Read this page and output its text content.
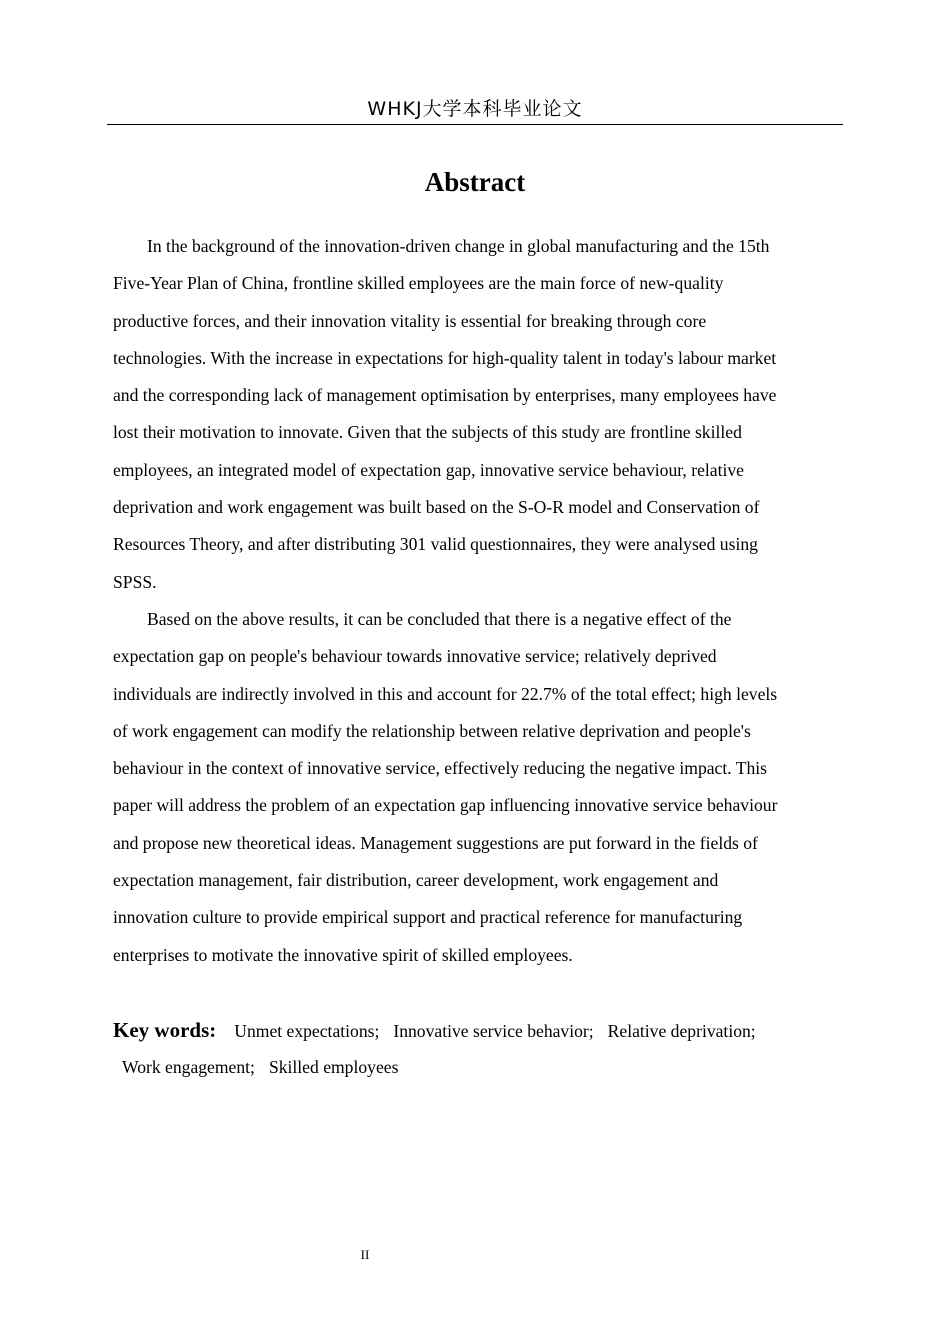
WHKJ大学本科毕业论文
Abstract

In the background of the innovation-driven change in global manufacturing and the 15th
Five-Year Plan of China, frontline skilled employees are the main force of new-quality
productive forces, and their innovation vitality is essential for breaking through core
technologies. With the increase in expectations for high-quality talent in today's labour market
and the corresponding lack of management optimisation by enterprises, many employees have
lost their motivation to innovate. Given that the subjects of this study are frontline skilled
employees, an integrated model of expectation gap, innovative service behaviour, relative
deprivation and work engagement was built based on the S-O-R model and Conservation of
Resources Theory, and after distributing 301 valid questionnaires, they were analysed using
SPSS.

Based on the above results, it can be concluded that there is a negative effect of the
expectation gap on people's behaviour towards innovative service; relatively deprived
individuals are indirectly involved in this and account for 22.7% of the total effect; high levels
of work engagement can modify the relationship between relative deprivation and people's
behaviour in the context of innovative service, effectively reducing the negative impact. This
paper will address the problem of an expectation gap influencing innovative service behaviour
and propose new theoretical ideas. Management suggestions are put forward in the fields of
expectation management, fair distribution, career development, work engagement and
innovation culture to provide empirical support and practical reference for manufacturing
enterprises to motivate the innovative spirit of skilled employees.

Key words: Unmet expectations; Innovative service behavior; Relative deprivation;
Work engagement; Skilled employees
II
